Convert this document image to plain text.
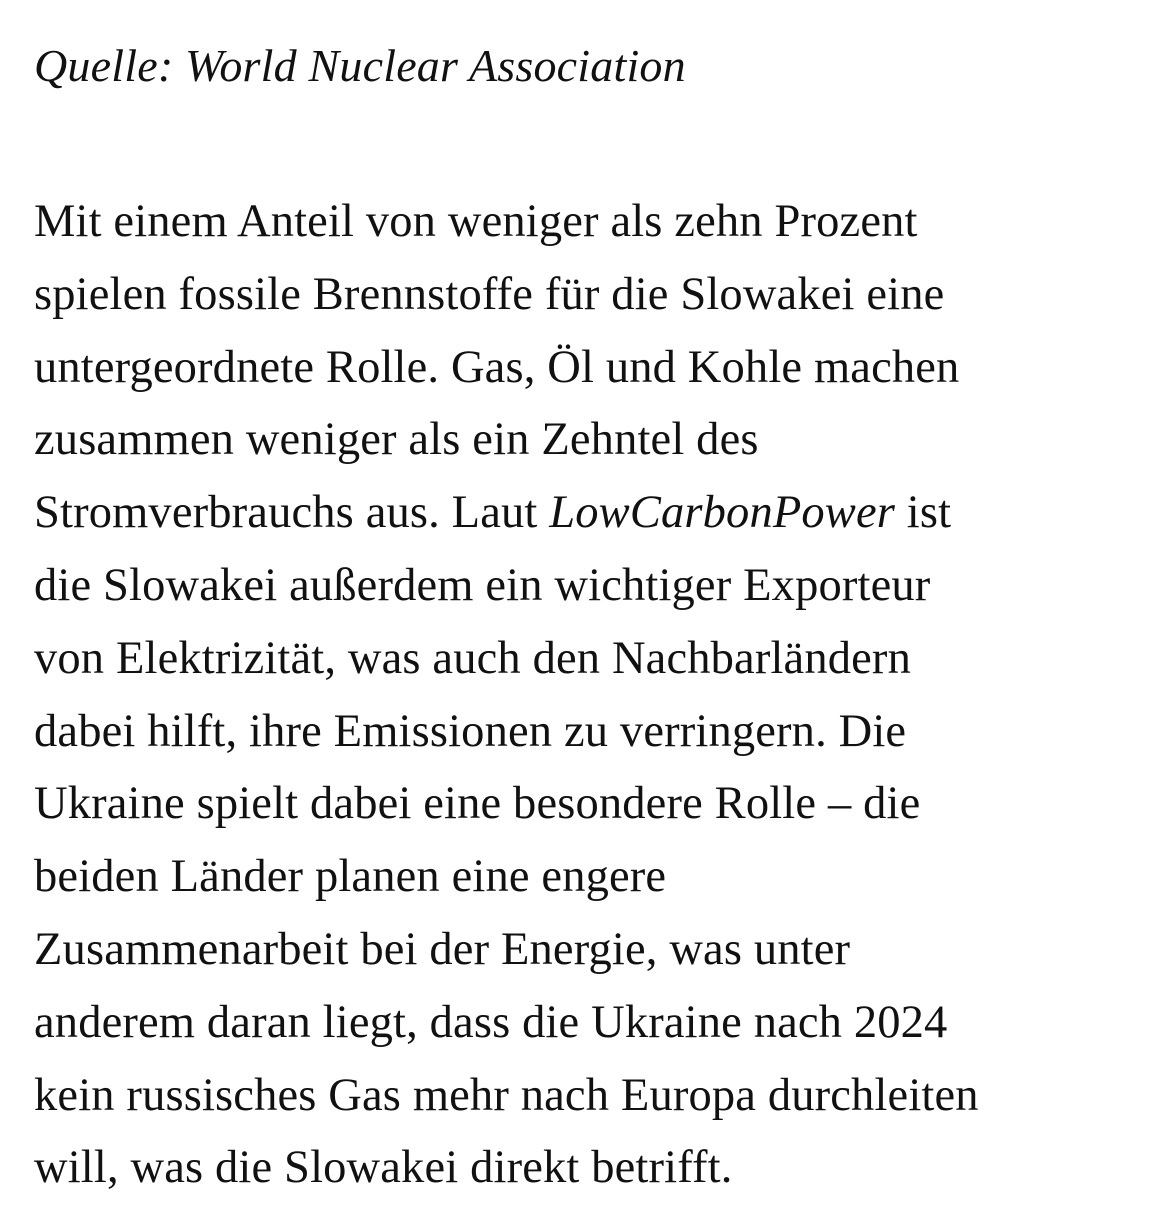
Quelle: World Nuclear Association

Mit einem Anteil von weniger als zehn Prozent
spielen fossile Brennstoffe für die Slowakei eine
untergeordnete Rolle. Gas, Öl und Kohle machen
zusammen weniger als ein Zehntel des
Stromverbrauchs aus. Laut LowCarbonPower ist
die Slowakei außerdem ein wichtiger Exporteur
von Elektrizität, was auch den Nachbarländern
dabei hilft, ihre Emissionen zu verringern. Die
Ukraine spielt dabei eine besondere Rolle – die
beiden Länder planen eine engere
Zusammenarbeit bei der Energie, was unter
anderem daran liegt, dass die Ukraine nach 2024
kein russisches Gas mehr nach Europa durchleiten
will, was die Slowakei direkt betrifft.
